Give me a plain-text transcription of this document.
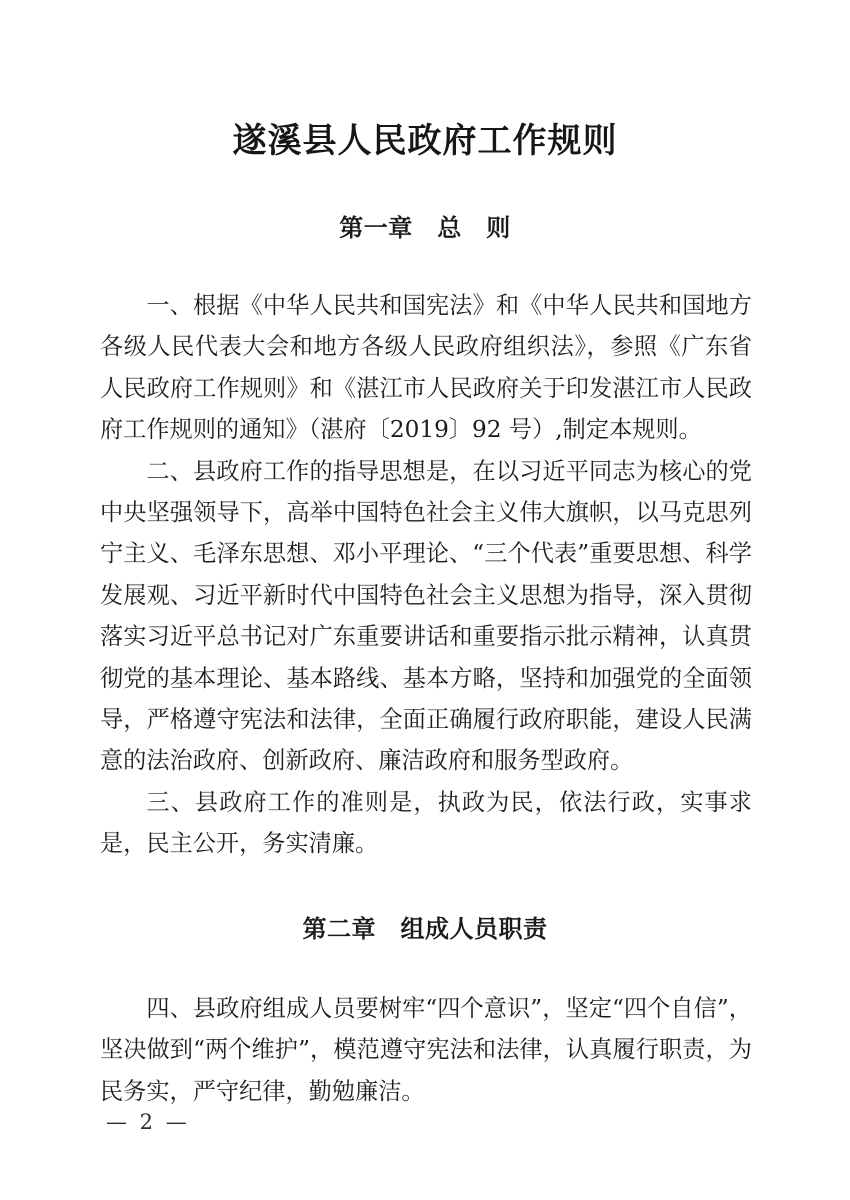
遂溪县人民政府工作规则
第一章　总　则

一、根据《中华人民共和国宪法》和《中华人民共和国地方各级人民代表大会和地方各级人民政府组织法》，参照《广东省人民政府工作规则》和《湛江市人民政府关于印发湛江市人民政府工作规则的通知》（湛府〔2019〕92 号）,制定本规则。

二、县政府工作的指导思想是，在以习近平同志为核心的党中央坚强领导下，高举中国特色社会主义伟大旗帜，以马克思列宁主义、毛泽东思想、邓小平理论、“三个代表”重要思想、科学发展观、习近平新时代中国特色社会主义思想为指导，深入贯彻落实习近平总书记对广东重要讲话和重要指示批示精神，认真贯彻党的基本理论、基本路线、基本方略，坚持和加强党的全面领导，严格遵守宪法和法律，全面正确履行政府职能，建设人民满意的法治政府、创新政府、廉洁政府和服务型政府。

三、县政府工作的准则是，执政为民，依法行政，实事求是，民主公开，务实清廉。

第二章　组成人员职责

四、县政府组成人员要树牢“四个意识”，坚定“四个自信”，坚决做到“两个维护”，模范遵守宪法和法律，认真履行职责，为民务实，严守纪律，勤勉廉洁。

— 2 —
